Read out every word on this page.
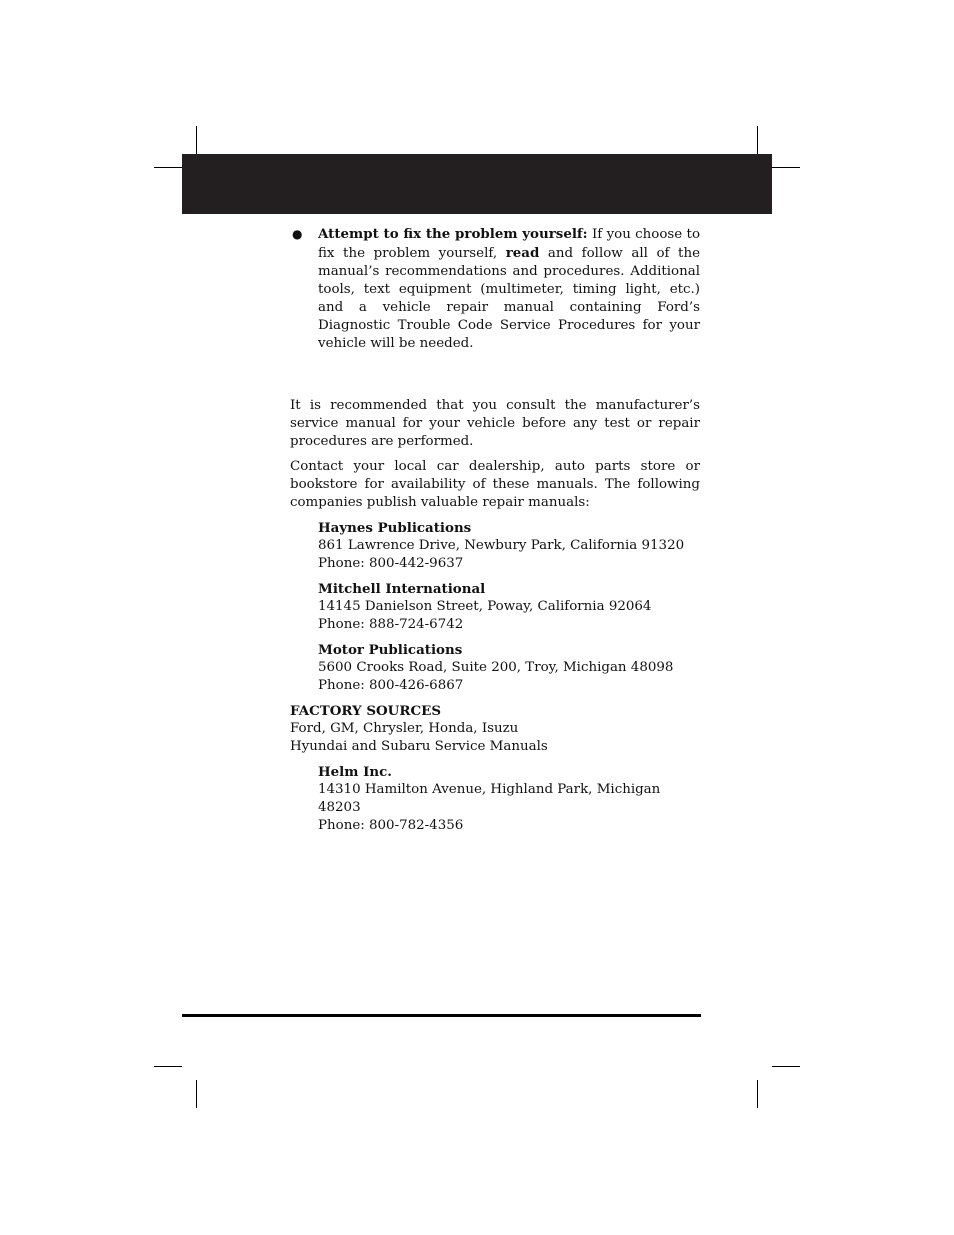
● Attempt to fix the problem yourself: If you choose to fix the problem yourself, read and follow all of the manual’s recommendations and procedures. Additional tools, text equipment (multimeter, timing light, etc.) and a vehicle repair manual containing Ford’s Diagnostic Trouble Code Service Procedures for your vehicle will be needed.

It is recommended that you consult the manufacturer’s service manual for your vehicle before any test or repair procedures are performed.

Contact your local car dealership, auto parts store or bookstore for availability of these manuals. The following companies publish valuable repair manuals:

Haynes Publications
861 Lawrence Drive, Newbury Park, California 91320
Phone: 800-442-9637
Mitchell International
14145 Danielson Street, Poway, California 92064
Phone: 888-724-6742
Motor Publications
5600 Crooks Road, Suite 200, Troy, Michigan 48098
Phone: 800-426-6867
FACTORY SOURCES
Ford, GM, Chrysler, Honda, Isuzu
Hyundai and Subaru Service Manuals
Helm Inc.
14310 Hamilton Avenue, Highland Park, Michigan 48203
Phone: 800-782-4356
